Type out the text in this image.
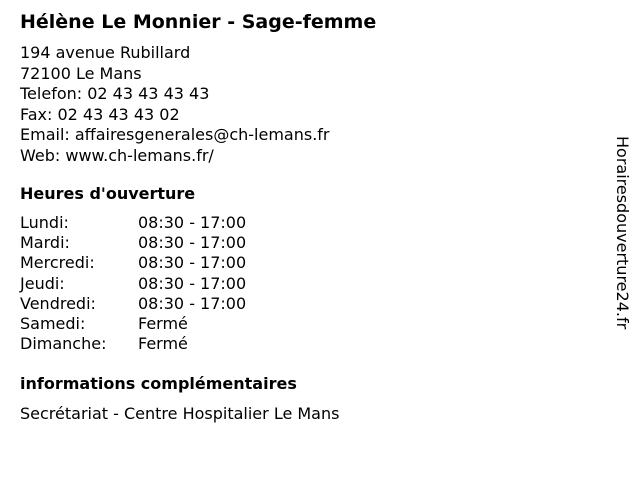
Hélène Le Monnier - Sage-femme
194 avenue Rubillard
72100 Le Mans
Telefon: 02 43 43 43 43
Fax: 02 43 43 43 02
Email: affairesgenerales@ch-lemans.fr
Web: www.ch-lemans.fr/
Heures d'ouverture
Lundi:	08:30 - 17:00
Mardi:	08:30 - 17:00
Mercredi:	08:30 - 17:00
Jeudi:	08:30 - 17:00
Vendredi:	08:30 - 17:00
Samedi:	Fermé
Dimanche: Fermé
informations complémentaires
Secrétariat - Centre Hospitalier Le Mans
Horairesdouverture24.fr
